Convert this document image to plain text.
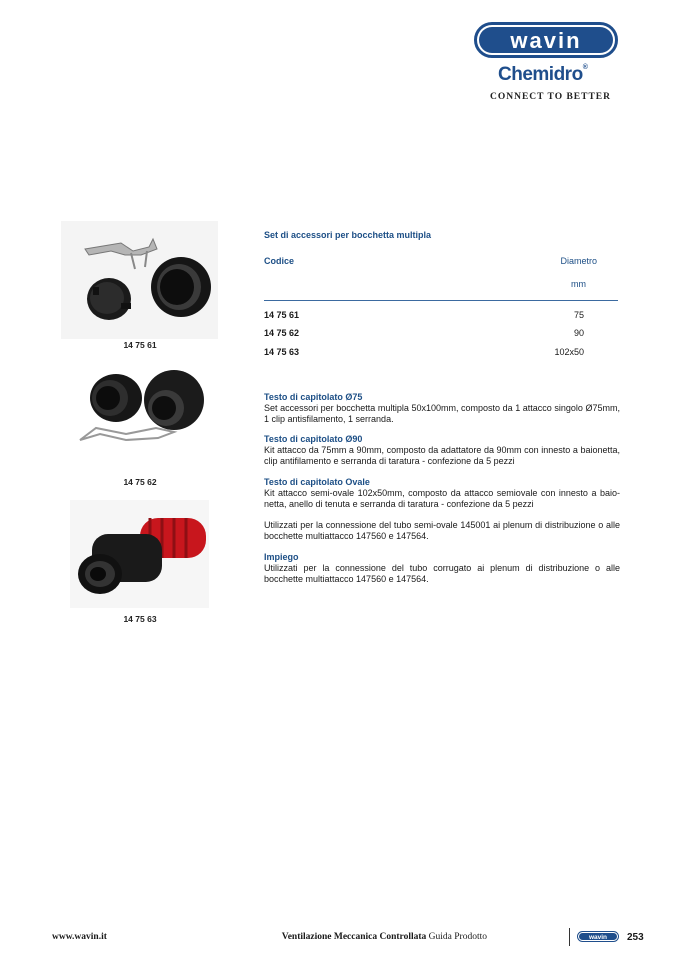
wavin
Chemidro®
CONNECT TO BETTER
14 75 61
14 75 62
14 75 63
Set di accessori per bocchetta multipla
Codice	Diametro
mm
14 75 61	75
14 75 62	90
14 75 63	102x50
Testo di capitolato Ø75

Set accessori per bocchetta multipla 50x100mm, composto da 1 attacco singolo Ø75mm, 1 clip antisfilamento, 1 serranda.

Testo di capitolato Ø90

Kit attacco da 75mm a 90mm, composto da adattatore da 90mm con innesto a baionetta, clip antifilamento e serranda di taratura - confezione da 5 pezzi

Testo di capitolato Ovale

Kit attacco semi-ovale 102x50mm, composto da attacco semiovale con innesto a baio-netta, anello di tenuta e serranda di taratura - confezione da 5 pezzi

Utilizzati per la connessione del tubo semi-ovale 145001 ai plenum di distribuzione o alle bocchette multiattacco 147560 e 147564.

Impiego

Utilizzati per la connessione del tubo corrugato ai plenum di distribuzione o alle bocchette multiattacco 147560 e 147564.

www.wavin.it	Ventilazione Meccanica Controllata Guida Prodotto	wavin 253
